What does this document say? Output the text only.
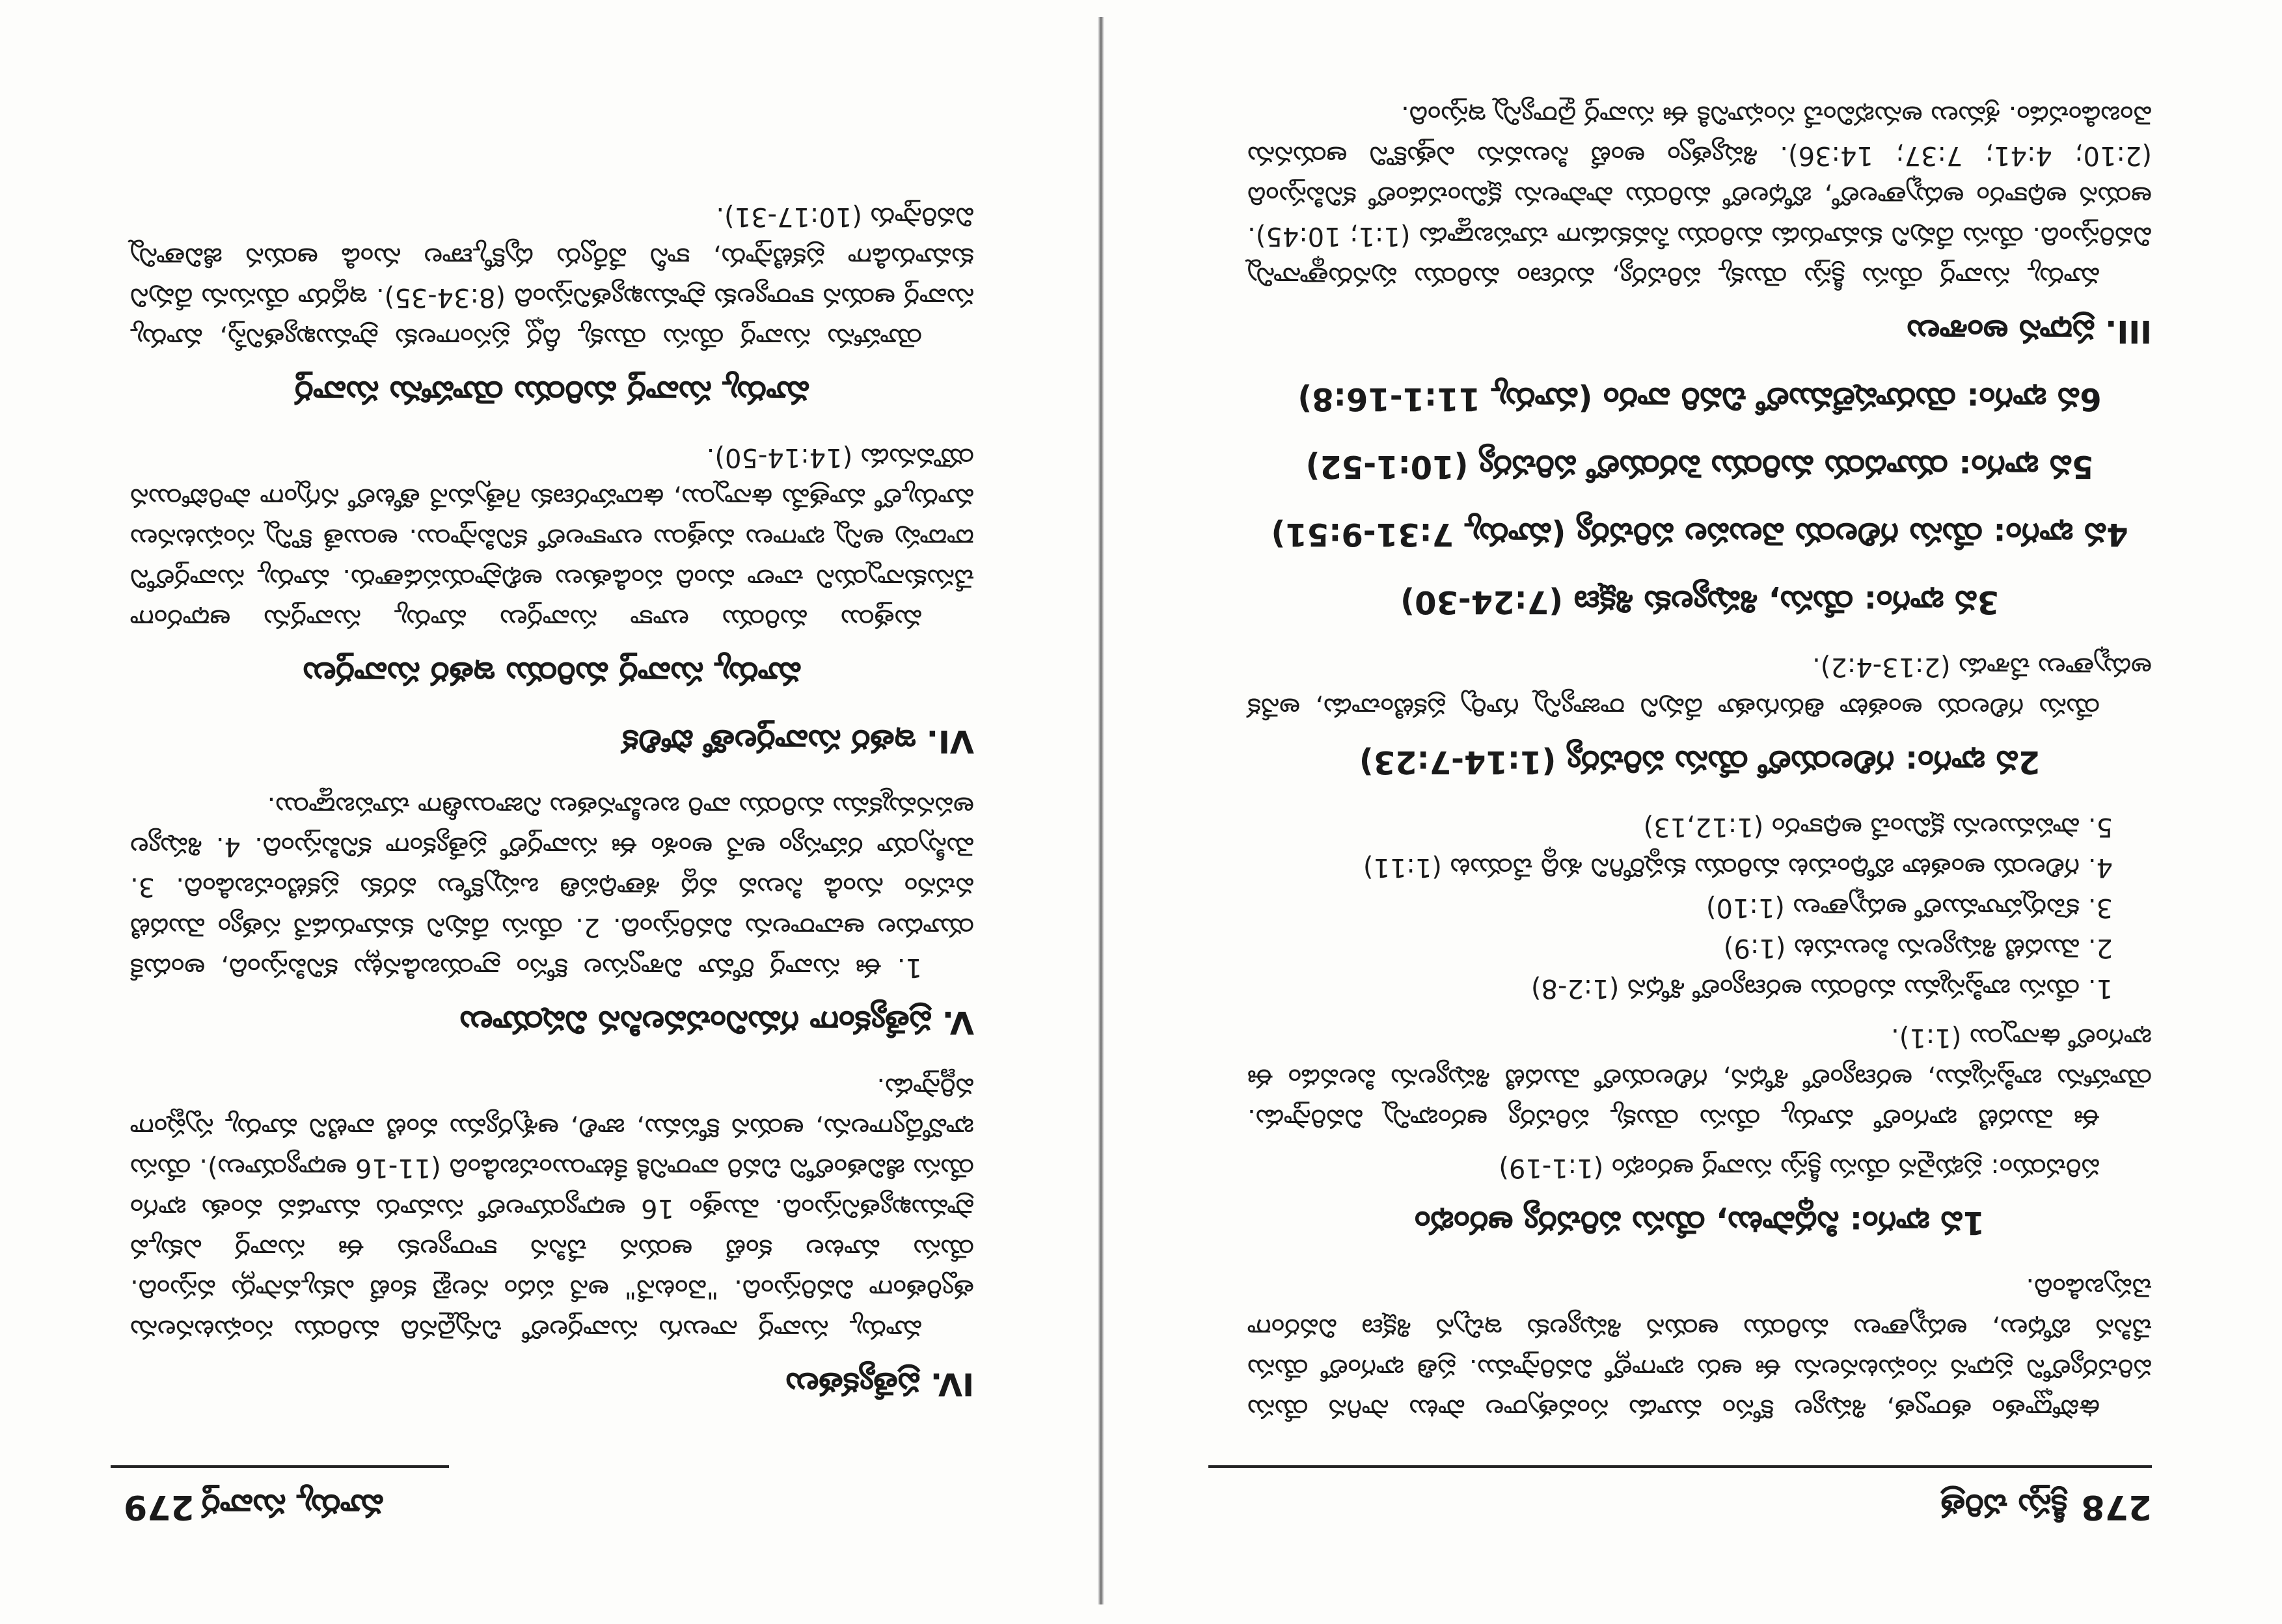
278
క్రీస్తు చరిత్ర

ఉపోద్ఘాతం తర్వాత, శిష్యుల కోసం మూడు సంవత్సరాల పాటు సాగిన యేసు పరిచర్యలోని ప్రధాన సంఘటనలను ఈ ఆరు భాగాల్లో వివరిస్తాము. ప్రతి భాగంలో యేసు చేసిన బోధలు, అద్భుతాలు మరియు ఆయన శిష్యులకు ఇచ్చిన శిక్షణ వివరంగా చెప్పబడింది.

1వ భాగం: సిద్ధపాటు, యేసు పరిచర్య ఆరంభం

పరిచయం: ప్రభువైన యేసు క్రీస్తు సువార్త ఆరంభం (1:1-19)

ఈ మొదటి భాగంలో మార్కు యేసు యొక్క పరిచర్య ఆరంభాన్ని వివరిస్తాడు. యోహాను బాప్తిస్మము, అరణ్యంలో శోధన, గలిలయలో మొదటి శిష్యులను పిలవడం ఈ భాగంలో ఉన్నాయి (1:1).

1. యేసు బాప్తిస్మము మరియు అరణ్యంలో శోధన (1:2-8)
2. మొదటి శిష్యులను పిలుచుట (1:9)
3. కపెర్నహూములో అద్భుతాలు (1:10)
4. గలిలయ అంతటా బోధించుట మరియు కుష్ఠరోగిని శుద్ధి చేయుట (1:11)
5. పాపములను క్షమించే అధికారం (1:12,13)
2వ భాగం: గలిలయలో యేసు పరిచర్య (1:14-7:23)

యేసు గలిలయ అంతటా తిరుగుతూ దేవుని రాజ్యాన్ని గూర్చి ప్రకటించాడు, అనేక అద్భుతాలు చేశాడు (2:13-4:2).

3వ భాగం: యేసు, శిష్యులకు శిక్షణ (7:24-30)
4వ భాగం: యేసు గలిలయ వెలుపల పరిచర్య (మార్కు 7:31-9:51)
5వ భాగం: యూదయ మరియు పెరయలో పరిచర్య (10:1-52)
6వ భాగం: యెరూషలేములో చివరి వారం (మార్కు 11:1-16:8)
III.ప్రధాన అంశాలు

మార్కు సువార్త యేసు క్రీస్తు యొక్క పరిచర్య, మరణం మరియు పునరుత్థానాన్ని వివరిస్తుంది. యేసు దేవుని కుమారుడు మరియు సేవకుడుగా చూపబడ్డాడు (1:1; 10:45). ఆయన అధికారం అద్భుతాలలో, బోధలలో మరియు పాపాలను క్షమించడంలో కనిపిస్తుంది (2:10; 4:41; 7:37; 14:36). శిష్యత్వం అంటే సిలువను ఎత్తుకొని ఆయనను వెంబడించడం. శ్రమలు అనుభవించే సంఘానికి ఈ సువార్త ధైర్యాన్ని ఇస్తుంది.

279 మార్కు సువార్త
IV.ప్రత్యేకతలు

మార్కు సువార్త నాలుగు సువార్తలలో చిన్నదైనది మరియు సంఘటనలను త్వరితంగా వివరిస్తుంది. "వెంటనే" అనే పదం నలభై కంటే ఎక్కువసార్లు వస్తుంది. యేసు మాటల కంటే ఆయన చేసిన కార్యాలకు ఈ సువార్త ఎక్కువ ప్రాముఖ్యతనిస్తుంది. మొత్తం 16 అధ్యాయాలలో సుమారు మూడవ వంతు భాగం యేసు జీవితంలోని చివరి వారానికి కేటాయించబడింది (11-16 అధ్యాయాలు). యేసు భావోద్వేగాలను, ఆయన కోపము, జాలి, ఆశ్చర్యము వంటి వాటిని మార్కు స్పష్టంగా వర్ణిస్తాడు.

V.ప్రత్యేకంగా గమనించవలసిన విషయాలు

1. ఈ సువార్త రోమా విశ్వాసుల కోసం వ్రాయబడినట్లు కనిపిస్తుంది, అందుకే యూదుల ఆచారాలను వివరిస్తుంది. 2. యేసు దేవుని కుమారుడనే సత్యం మొదటి వచనం నుండి సిలువ వద్ద శతాధిపతి ఒప్పుకోలు వరకు ప్రకటించబడింది. 3. మెస్సీయా రహస్యం అనే అంశం ఈ సువార్తలో ప్రత్యేకంగా కనిపిస్తుంది. 4. శిష్యుల అపనమ్మకము మరియు వారి బలహీనతలు నిజాయితీగా చూపబడ్డాయి.

VI.ఇతర సువార్తలతో పోలిక
మార్కు సువార్త మరియు ఇతర సువార్తలు

మత్తయి మరియు లూకా సువార్తలు మార్కు సువార్తను ఆధారంగా చేసుకున్నాయని చాలా మంది పండితులు అభిప్రాయపడతారు. మార్కు సువార్తలోని దాదాపు అన్ని భాగాలు మత్తయి లూకాలలో కనిపిస్తాయి. అయితే కొన్ని సంఘటనలు మార్కులో మాత్రమే ఉన్నాయి, ఉదాహరణకు గెత్సేమనే తోటలో నగ్నంగా పారిపోయిన యౌవనుడు (14:14-50).

మార్కు సువార్త మరియు యోహాను సువార్త

యోహాను సువార్త యేసు యొక్క దీర్ఘ ప్రసంగాలకు ప్రాముఖ్యతనిస్తే, మార్కు సువార్త ఆయన కార్యాలకు ప్రాముఖ్యతనిస్తుంది (8:34-35). ఇద్దరూ యేసును దేవుని కుమారుడిగా ప్రకటిస్తారు, కానీ వేర్వేరు దృక్కోణాల నుండి ఆయన జీవితాన్ని వివరిస్తారు (10:17-31).
